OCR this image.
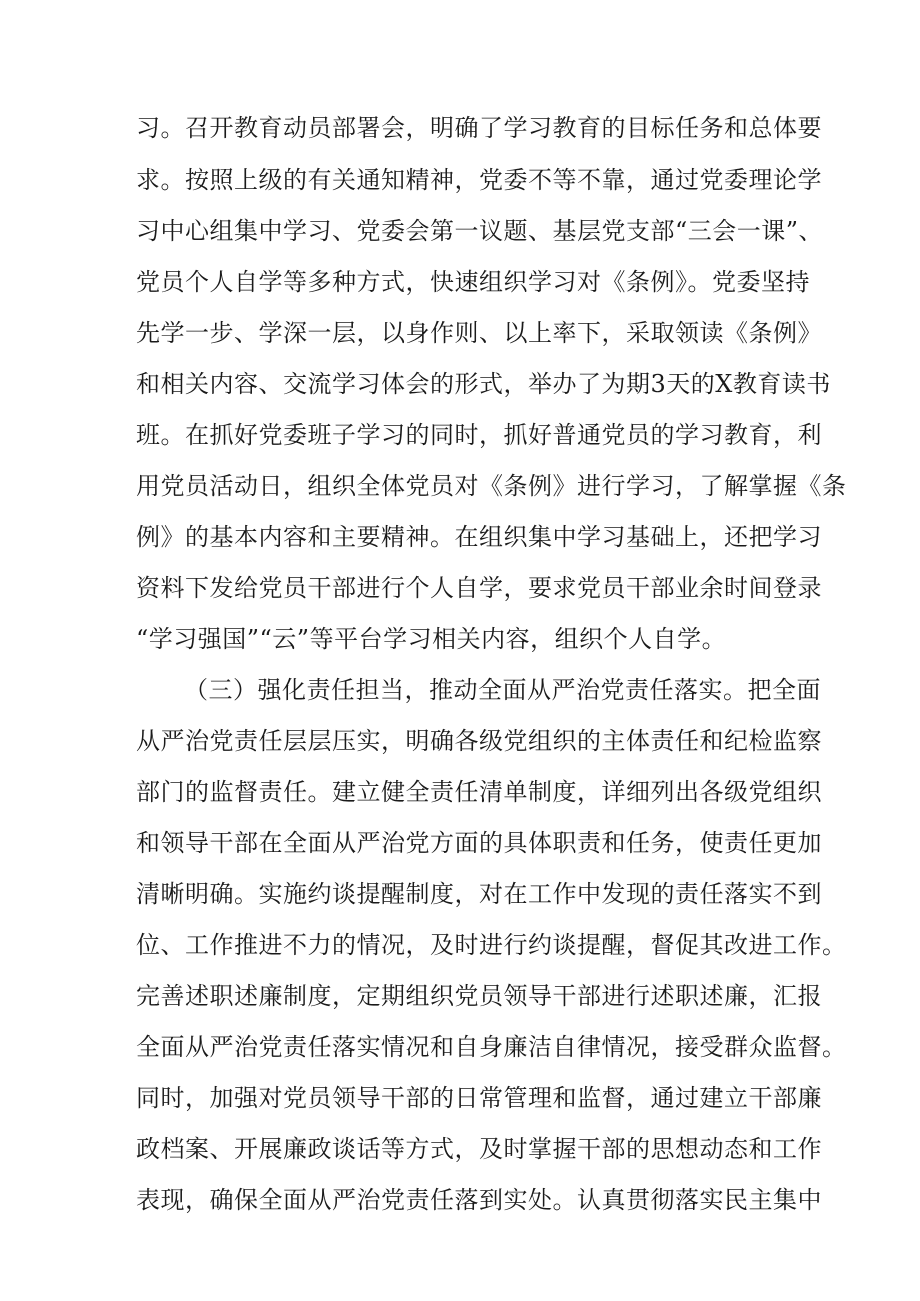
习。召开教育动员部署会，明确了学习教育的目标任务和总体要
求。按照上级的有关通知精神，党委不等不靠，通过党委理论学
习中心组集中学习、党委会第一议题、基层党支部“三会一课”、
党员个人自学等多种方式，快速组织学习对《条例》。党委坚持
先学一步、学深一层，以身作则、以上率下，采取领读《条例》
和相关内容、交流学习体会的形式，举办了为期3天的X教育读书
班。在抓好党委班子学习的同时，抓好普通党员的学习教育，利
用党员活动日，组织全体党员对《条例》进行学习，了解掌握《条
例》的基本内容和主要精神。在组织集中学习基础上，还把学习
资料下发给党员干部进行个人自学，要求党员干部业余时间登录
“学习强国”“云”等平台学习相关内容，组织个人自学。
（三）强化责任担当，推动全面从严治党责任落实。把全面
从严治党责任层层压实，明确各级党组织的主体责任和纪检监察
部门的监督责任。建立健全责任清单制度，详细列出各级党组织
和领导干部在全面从严治党方面的具体职责和任务，使责任更加
清晰明确。实施约谈提醒制度，对在工作中发现的责任落实不到
位、工作推进不力的情况，及时进行约谈提醒，督促其改进工作。
完善述职述廉制度，定期组织党员领导干部进行述职述廉，汇报
全面从严治党责任落实情况和自身廉洁自律情况，接受群众监督。
同时，加强对党员领导干部的日常管理和监督，通过建立干部廉
政档案、开展廉政谈话等方式，及时掌握干部的思想动态和工作
表现，确保全面从严治党责任落到实处。认真贯彻落实民主集中
